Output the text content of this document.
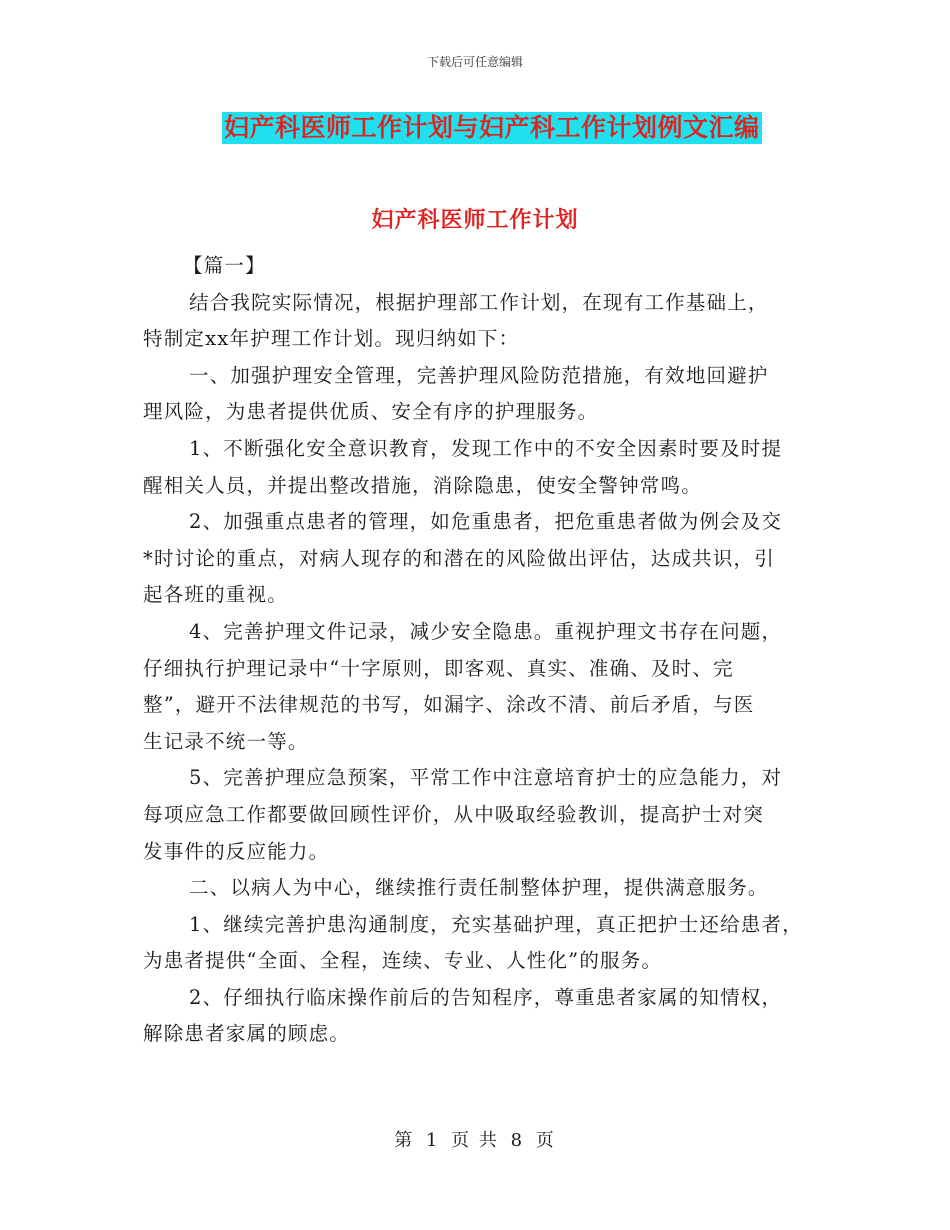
下载后可任意编辑
妇产科医师工作计划与妇产科工作计划例文汇编
妇产科医师工作计划

【篇一】

结合我院实际情况，根据护理部工作计划，在现有工作基础上，
特制定xx年护理工作计划。现归纳如下：

一、加强护理安全管理，完善护理风险防范措施，有效地回避护
理风险，为患者提供优质、安全有序的护理服务。

1、不断强化安全意识教育，发现工作中的不安全因素时要及时提
醒相关人员，并提出整改措施，消除隐患，使安全警钟常鸣。

2、加强重点患者的管理，如危重患者，把危重患者做为例会及交
*时讨论的重点，对病人现存的和潜在的风险做出评估，达成共识，引
起各班的重视。

4、完善护理文件记录，减少安全隐患。重视护理文书存在问题，
仔细执行护理记录中“十字原则，即客观、真实、准确、及时、完
整”，避开不法律规范的书写，如漏字、涂改不清、前后矛盾，与医
生记录不统一等。

5、完善护理应急预案，平常工作中注意培育护士的应急能力，对
每项应急工作都要做回顾性评价，从中吸取经验教训，提高护士对突
发事件的反应能力。

二、以病人为中心，继续推行责任制整体护理，提供满意服务。

1、继续完善护患沟通制度，充实基础护理，真正把护士还给患者，
为患者提供“全面、全程，连续、专业、人性化”的服务。

2、仔细执行临床操作前后的告知程序，尊重患者家属的知情权，
解除患者家属的顾虑。

第 1 页 共 8 页
